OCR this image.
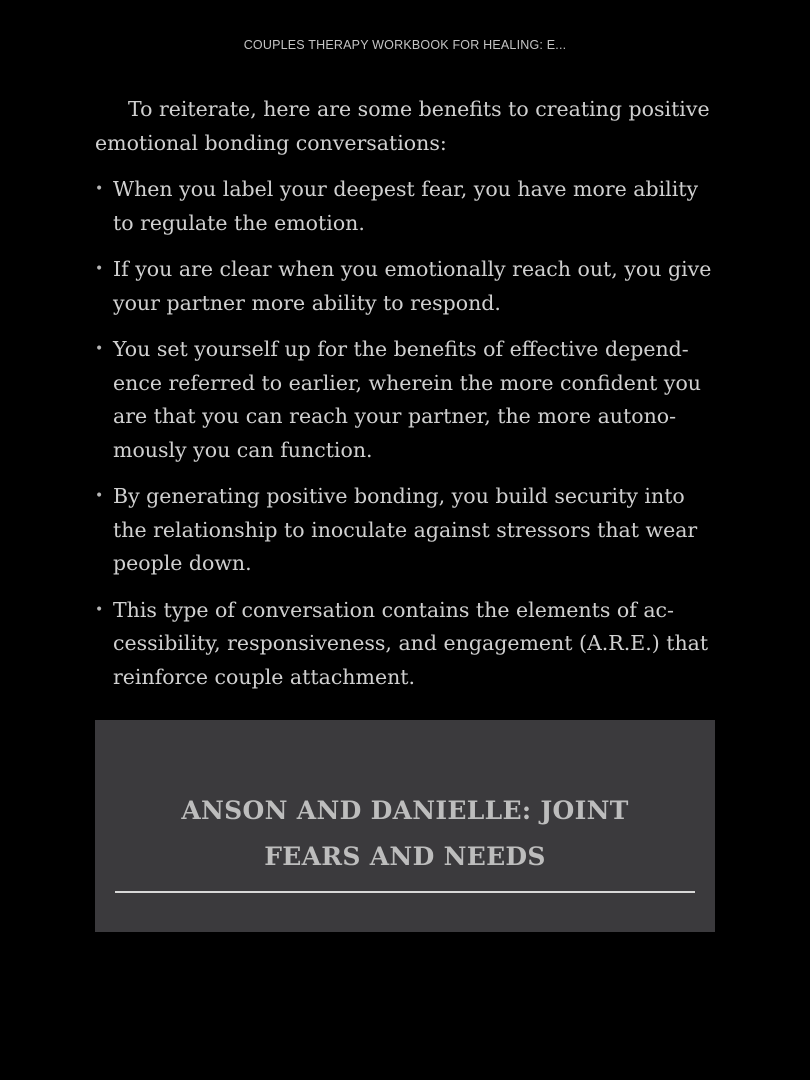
COUPLES THERAPY WORKBOOK FOR HEALING: E...

To reiterate, here are some benefits to creating positive emotional bonding conversations:

• When you label your deepest fear, you have more ability to regulate the emotion.
• If you are clear when you emotionally reach out, you give your partner more ability to respond.
• You set yourself up for the benefits of effective dependence referred to earlier, wherein the more confident you are that you can reach your partner, the more autonomously you can function.
• By generating positive bonding, you build security into the relationship to inoculate against stressors that wear people down.
• This type of conversation contains the elements of accessibility, responsiveness, and engagement (A.R.E.) that reinforce couple attachment.
ANSON AND DANIELLE: JOINT
FEARS AND NEEDS
